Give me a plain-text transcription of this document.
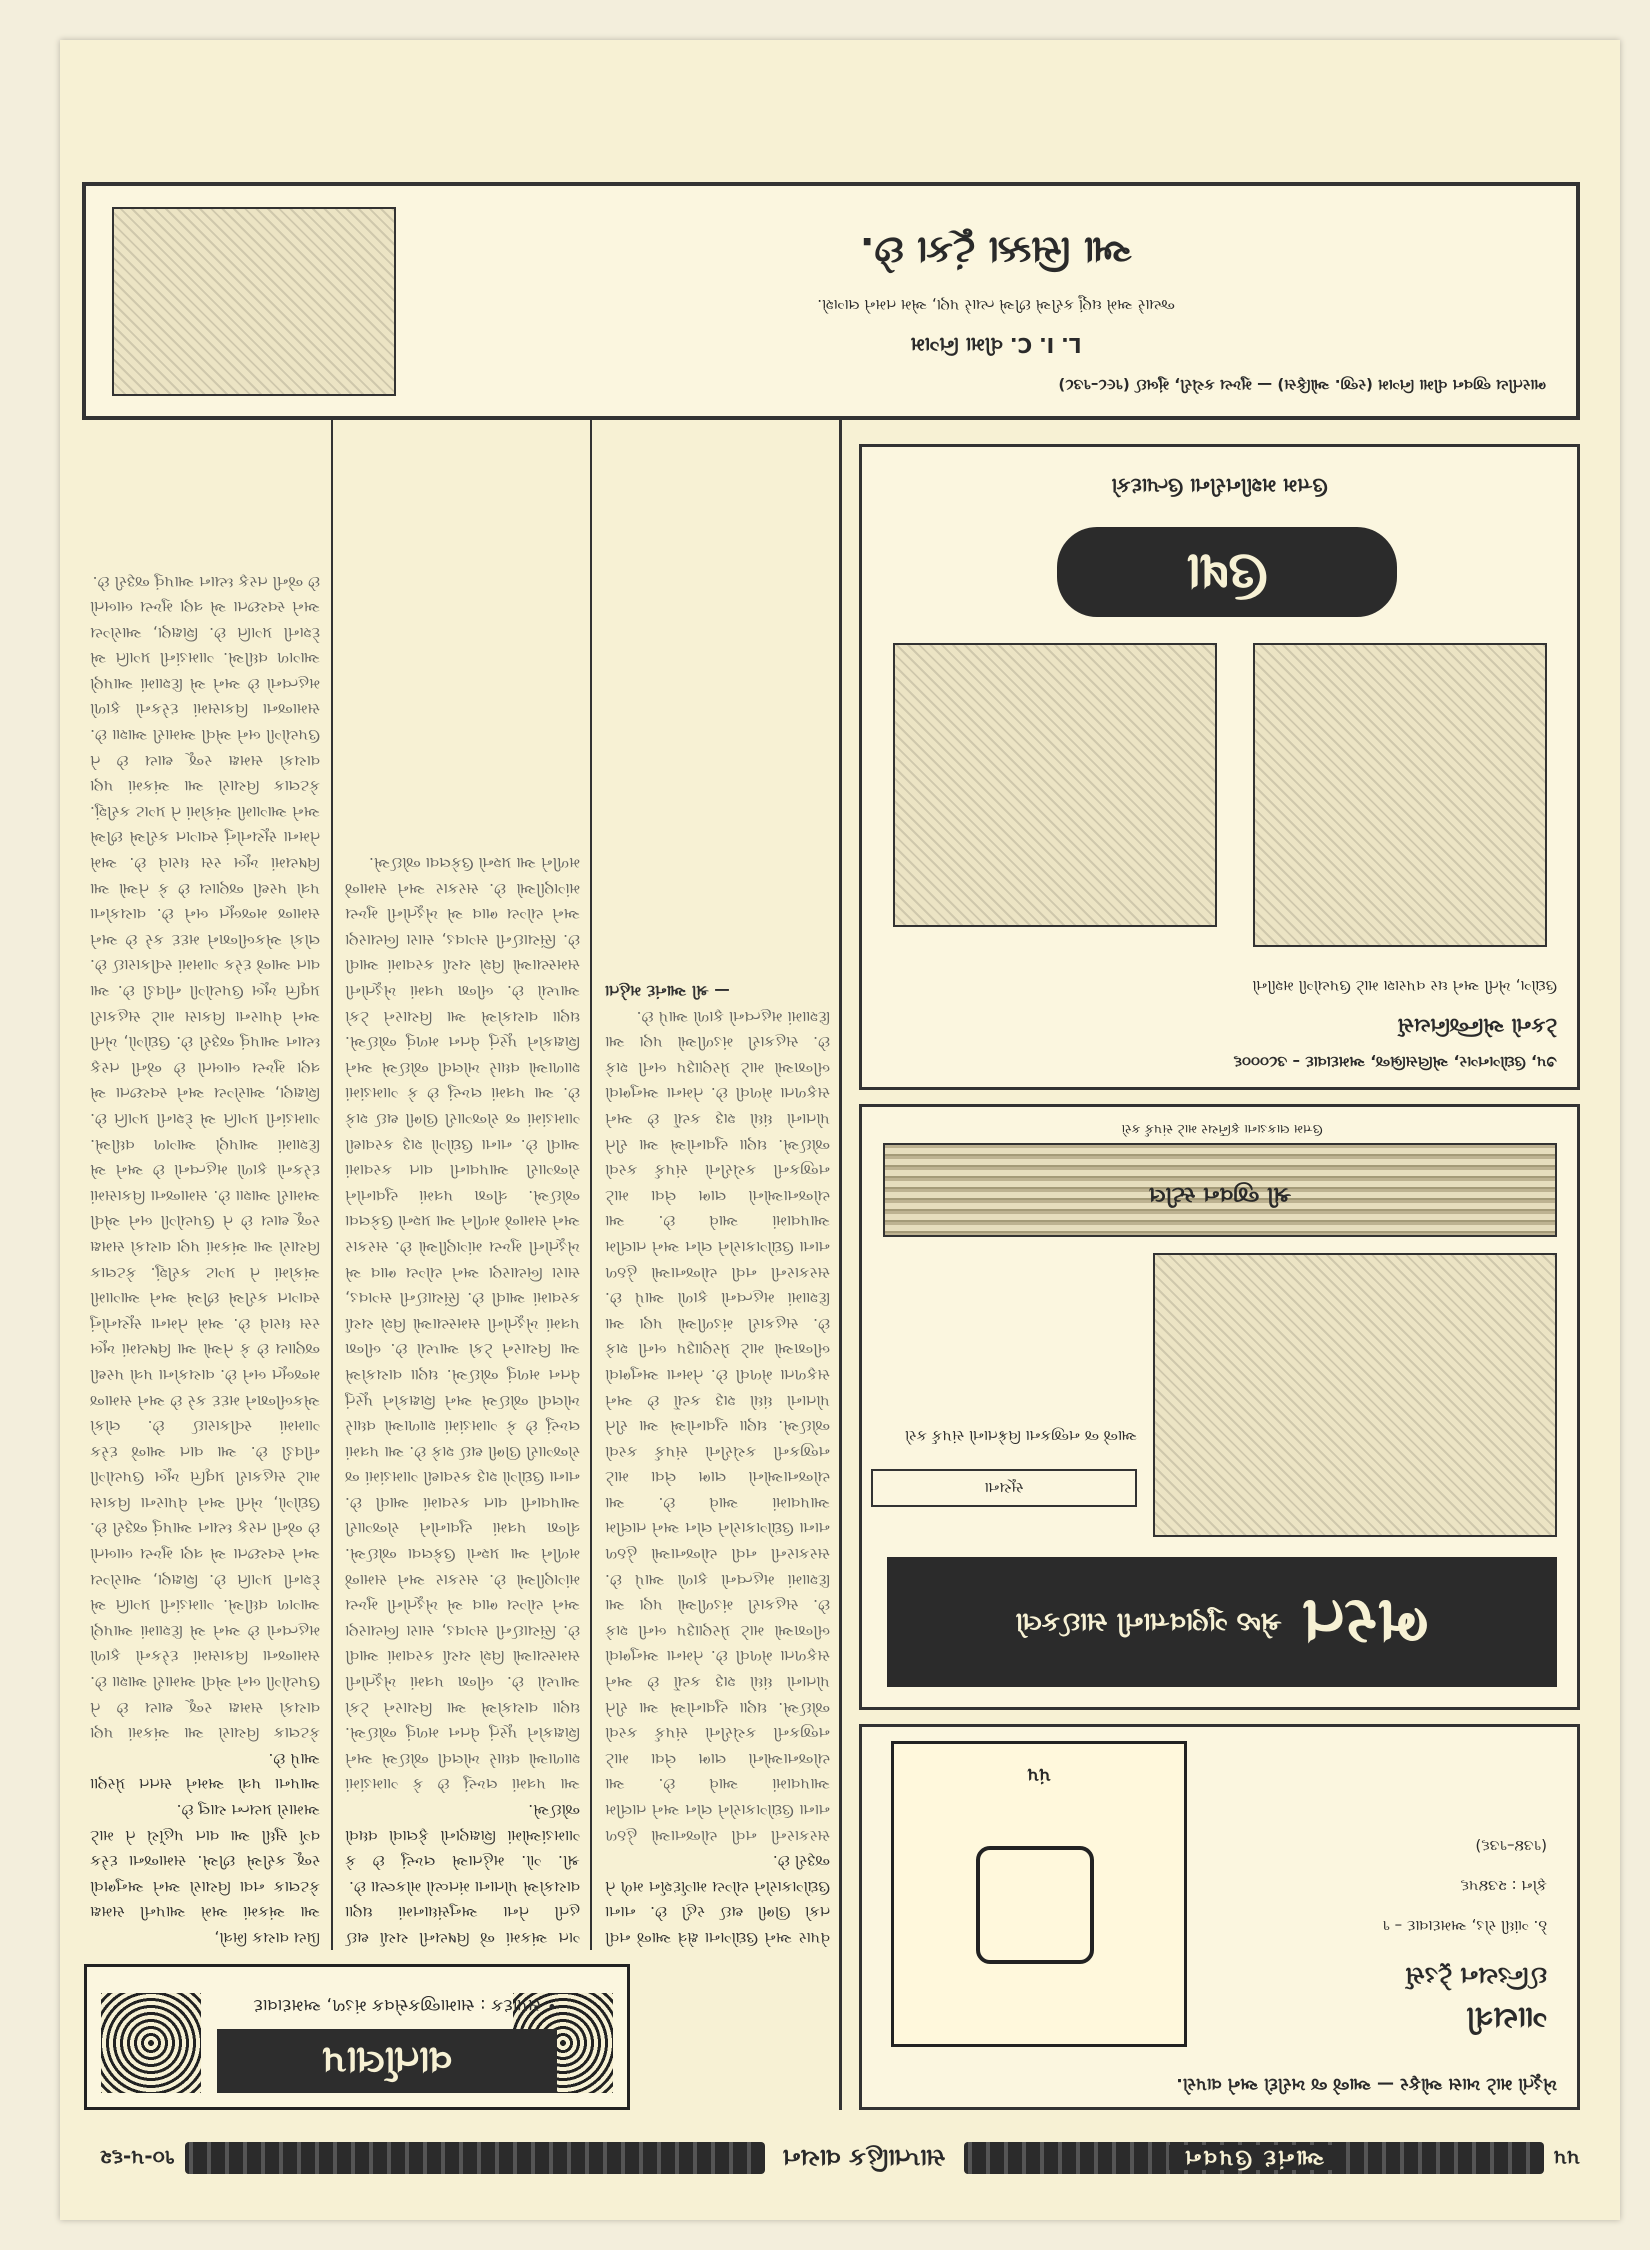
૫૫
આનંદ ઉપવન
સાપ્તાહિક વાચન
૧૦-૫-૬૨
વાર્તાલાપ
• સંપાદક : સામાજીકસેવક મંડળ, અમદાવાદ

પ્રિય વાચક મિત્રો,

આ અંકમાં અમે આપની સમક્ષ કેટલાક નવા વિચારો અને અનુભવો રજૂ કરીએ છીએ. સમાજના દરેક વર્ગ સુધી આ વાત પહોંચે તે માટે અમારો પ્રયત્ન ચાલુ છે.

આપના પત્રો અમને સતત પ્રેરણા આપે છે.

કેટલાક વિચારો આ અંકમાં પણ વાચકો સમક્ષ રજૂ થાય છે તે ઉપયોગી બને એવી અમારી આશા છે. સમાજના વિકાસમાં દરેકનો ફાળો મહત્વનો છે અને એ દિશામાં આપણે આગળ વધીએ. ગામડાંની પ્રગતિ એ દેશની પ્રગતિ છે. શિક્ષણ, આરોગ્ય અને સ્વચ્છતા એ ત્રણ મુખ્ય બાબતો છે જેની તરફ ધ્યાન આપવું જરૂરી છે. ઉદ્યોગો, ખેતી અને વેપારના વિકાસ માટે સહકારી પ્રવૃત્તિ ખૂબ ઉપયોગી નીવડી છે. આ વાત આજે દરેક ગામમાં સ્વીકારાઈ છે. લોકો એકબીજાને મદદ કરે છે અને સમાજ મજબૂત બને છે. વાચકોના પત્રો પરથી જણાય છે કે તેઓ આ વિષયમાં ખૂબ રસ ધરાવે છે. અમે તેમના સૂચનોનું સ્વાગત કરીએ છીએ અને આગામી અંકોમાં તે પ્રગટ કરીશું. કેટલાક વિચારો આ અંકમાં પણ વાચકો સમક્ષ રજૂ થાય છે તે ઉપયોગી બને એવી અમારી આશા છે. સમાજના વિકાસમાં દરેકનો ફાળો મહત્વનો છે અને એ દિશામાં આપણે આગળ વધીએ. ગામડાંની પ્રગતિ એ દેશની પ્રગતિ છે. શિક્ષણ, આરોગ્ય અને સ્વચ્છતા એ ત્રણ મુખ્ય બાબતો છે જેની તરફ ધ્યાન આપવું જરૂરી છે. ઉદ્યોગો, ખેતી અને વેપારના વિકાસ માટે સહકારી પ્રવૃત્તિ ખૂબ ઉપયોગી નીવડી છે. આ વાત આજે દરેક ગામમાં સ્વીકારાઈ છે. લોકો એકબીજાને મદદ કરે છે અને સમાજ મજબૂત બને છે. વાચકોના પત્રો પરથી જણાય છે કે તેઓ આ વિષયમાં ખૂબ રસ ધરાવે છે. અમે તેમના સૂચનોનું સ્વાગત કરીએ છીએ અને આગામી અંકોમાં તે પ્રગટ કરીશું. કેટલાક વિચારો આ અંકમાં પણ વાચકો સમક્ષ રજૂ થાય છે તે ઉપયોગી બને એવી અમારી આશા છે. સમાજના વિકાસમાં દરેકનો ફાળો મહત્વનો છે અને એ દિશામાં આપણે આગળ વધીએ. ગામડાંની પ્રગતિ એ દેશની પ્રગતિ છે. શિક્ષણ, આરોગ્ય અને સ્વચ્છતા એ ત્રણ મુખ્ય બાબતો છે જેની તરફ ધ્યાન આપવું જરૂરી છે.

ગત અંકમાં જે વિષયની ચર્ચા થઈ હતી તેના અનુસંધાનમાં ઘણા વાચકોએ પોતાના મંતવ્યો મોકલ્યા છે.

શ્રી. ગો. મહેતાએ લખ્યું છે કે ગામડાંઓમાં શિક્ષણનો ફેલાવો વધવો જોઈએ.

આ પત્રમાં લખ્યું છે કે ગામડાંમાં શાળાઓ વધારે ખોલવી જોઈએ અને શિક્ષકોને પૂરતું વેતન મળવું જોઈએ. ઘણા વાચકોએ આ વિચારને ટેકો આપ્યો છે. બીજા પત્રમાં ખેડૂતોની સમસ્યાઓ વિશે ચર્ચા કરવામાં આવી છે. સિંચાઈની સગવડ, સારા બિયારણ અને યોગ્ય ભાવ એ ખેડૂતોની મુખ્ય માંગણીઓ છે. સરકાર અને સમાજે મળીને આ પ્રશ્નો ઉકેલવા જોઈએ. ત્રીજા પત્રમાં યુવાનોને રોજગારી આપવાની વાત કરવામાં આવી છે. નાના ઉદ્યોગો શરૂ કરવાથી ગામડાંમાં જ રોજગારી ઊભી થઈ શકે છે. આ પત્રમાં લખ્યું છે કે ગામડાંમાં શાળાઓ વધારે ખોલવી જોઈએ અને શિક્ષકોને પૂરતું વેતન મળવું જોઈએ. ઘણા વાચકોએ આ વિચારને ટેકો આપ્યો છે. બીજા પત્રમાં ખેડૂતોની સમસ્યાઓ વિશે ચર્ચા કરવામાં આવી છે. સિંચાઈની સગવડ, સારા બિયારણ અને યોગ્ય ભાવ એ ખેડૂતોની મુખ્ય માંગણીઓ છે. સરકાર અને સમાજે મળીને આ પ્રશ્નો ઉકેલવા જોઈએ. ત્રીજા પત્રમાં યુવાનોને રોજગારી આપવાની વાત કરવામાં આવી છે. નાના ઉદ્યોગો શરૂ કરવાથી ગામડાંમાં જ રોજગારી ઊભી થઈ શકે છે. આ પત્રમાં લખ્યું છે કે ગામડાંમાં શાળાઓ વધારે ખોલવી જોઈએ અને શિક્ષકોને પૂરતું વેતન મળવું જોઈએ. ઘણા વાચકોએ આ વિચારને ટેકો આપ્યો છે. બીજા પત્રમાં ખેડૂતોની સમસ્યાઓ વિશે ચર્ચા કરવામાં આવી છે. સિંચાઈની સગવડ, સારા બિયારણ અને યોગ્ય ભાવ એ ખેડૂતોની મુખ્ય માંગણીઓ છે. સરકાર અને સમાજે મળીને આ પ્રશ્નો ઉકેલવા જોઈએ.

વેપાર અને ઉદ્યોગના ક્ષેત્રે આજે નવી તકો ઊભી થઈ રહી છે. નાના ઉદ્યોગકારોને યોગ્ય માર્ગદર્શન મળે તે જરૂરી છે.

સરકારની નવી યોજનાઓ હેઠળ નાના ઉદ્યોગકારોને લોન અને તાલીમ આપવામાં આવે છે. આ યોજનાઓનો લાભ લેવા માટે નજીકની કચેરીનો સંપર્ક કરવો જોઈએ. ઘણા યુવાનોએ આ રીતે પોતાનો ધંધો શરૂ કર્યો છે અને સફળતા મેળવી છે. તેમના અનુભવો બીજાઓ માટે પ્રેરણારૂપ બની શકે છે. સહકારી મંડળીઓ પણ આ દિશામાં મહત્વનો ફાળો આપે છે. સરકારની નવી યોજનાઓ હેઠળ નાના ઉદ્યોગકારોને લોન અને તાલીમ આપવામાં આવે છે. આ યોજનાઓનો લાભ લેવા માટે નજીકની કચેરીનો સંપર્ક કરવો જોઈએ. ઘણા યુવાનોએ આ રીતે પોતાનો ધંધો શરૂ કર્યો છે અને સફળતા મેળવી છે. તેમના અનુભવો બીજાઓ માટે પ્રેરણારૂપ બની શકે છે. સહકારી મંડળીઓ પણ આ દિશામાં મહત્વનો ફાળો આપે છે. સરકારની નવી યોજનાઓ હેઠળ નાના ઉદ્યોગકારોને લોન અને તાલીમ આપવામાં આવે છે. આ યોજનાઓનો લાભ લેવા માટે નજીકની કચેરીનો સંપર્ક કરવો જોઈએ. ઘણા યુવાનોએ આ રીતે પોતાનો ધંધો શરૂ કર્યો છે અને સફળતા મેળવી છે. તેમના અનુભવો બીજાઓ માટે પ્રેરણારૂપ બની શકે છે. સહકારી મંડળીઓ પણ આ દિશામાં મહત્વનો ફાળો આપે છે.

— શ્રી આનંદ મહેતા

ખેડૂતો માટે ખાસ ઓફર — આજે જ ખરીદો અને વાપરો.
પંપ
ગાયત્રી
ઈન્ડિયન ટ્રેડર્સ
ઠે. ગાંધી રોડ, અમદાવાદ – ૧
ફોન : ૨૩૪૫૬
(૧૩૪–૧૩૬)
ભરત
શ્રેષ્ઠ ગુણવત્તાની સાઈકલો
સૂચના
આજે જ નજીકના વિક્રેતાનો સંપર્ક કરો
શ્રી જીવન સ્ટીલ
ઉત્તમ લાકડાના ફર્નિચર માટે સંપર્ક કરો
૭૫, ઉદ્યોગનગર, એલિસબ્રિજ, અમદાવાદ – ૩૮૦૦૦૬
ટેકનો એન્જિનિયર્સ
ઉદ્યોગ, ખેતી અને ઘર વપરાશ માટે ઉપયોગી મશીનો
ઉષા
ઉત્તમ મશીનરીના ઉત્પાદકો
ભારતીય જીવન વીમા નિગમ (રજી. ઓફિસ) — મુખ્ય કચેરી, મુંબઈ (૧૯૮–૧૩૮)
L. I. C. વીમા નિગમ
જ્યારે અમે ઘણું કરીએ છીએ ત્યારે પણ, એમ તમને લાગશે.
આ સિક્કા ટૂંકા છે.
